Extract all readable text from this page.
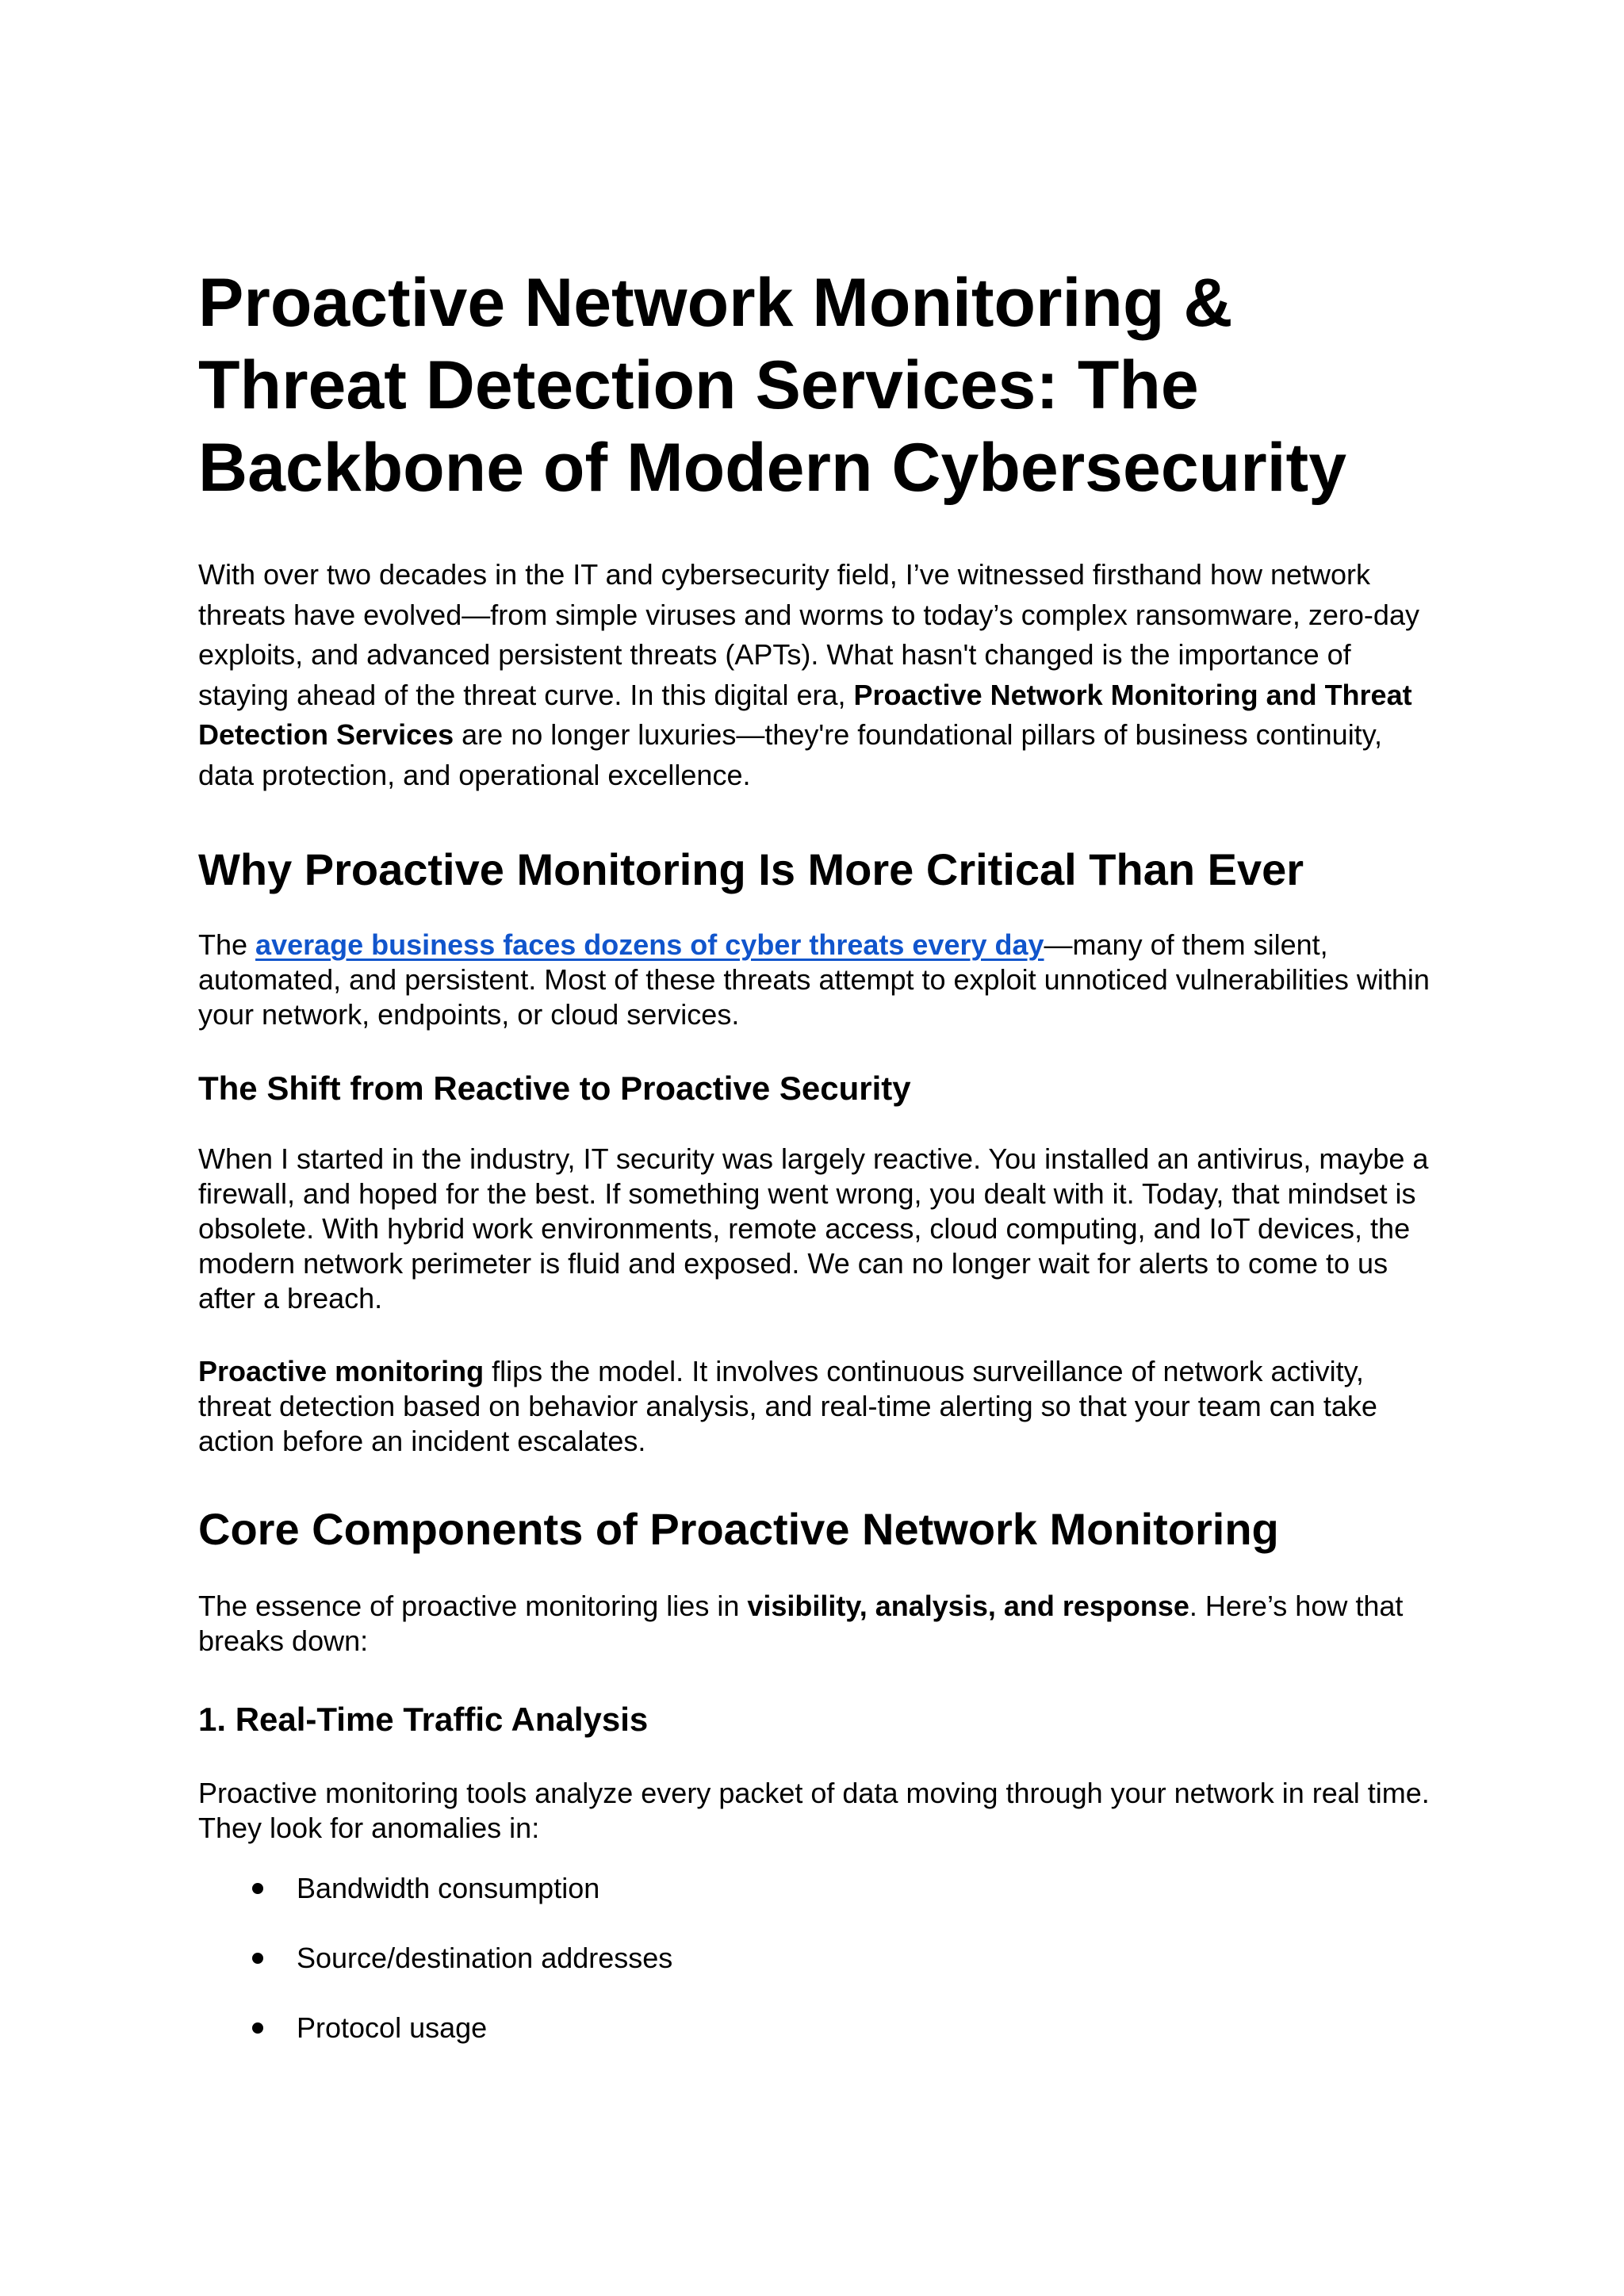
Proactive Network Monitoring & Threat Detection Services: The Backbone of Modern Cybersecurity

With over two decades in the IT and cybersecurity field, I’ve witnessed firsthand how network threats have evolved—from simple viruses and worms to today’s complex ransomware, zero-day exploits, and advanced persistent threats (APTs). What hasn't changed is the importance of staying ahead of the threat curve. In this digital era, Proactive Network Monitoring and Threat Detection Services are no longer luxuries—they're foundational pillars of business continuity, data protection, and operational excellence.

Why Proactive Monitoring Is More Critical Than Ever

The average business faces dozens of cyber threats every day—many of them silent, automated, and persistent. Most of these threats attempt to exploit unnoticed vulnerabilities within your network, endpoints, or cloud services.

The Shift from Reactive to Proactive Security

When I started in the industry, IT security was largely reactive. You installed an antivirus, maybe a firewall, and hoped for the best. If something went wrong, you dealt with it. Today, that mindset is obsolete. With hybrid work environments, remote access, cloud computing, and IoT devices, the modern network perimeter is fluid and exposed. We can no longer wait for alerts to come to us after a breach.

Proactive monitoring flips the model. It involves continuous surveillance of network activity, threat detection based on behavior analysis, and real-time alerting so that your team can take action before an incident escalates.

Core Components of Proactive Network Monitoring

The essence of proactive monitoring lies in visibility, analysis, and response. Here’s how that breaks down:

1. Real-Time Traffic Analysis

Proactive monitoring tools analyze every packet of data moving through your network in real time. They look for anomalies in:

Bandwidth consumption
Source/destination addresses
Protocol usage
